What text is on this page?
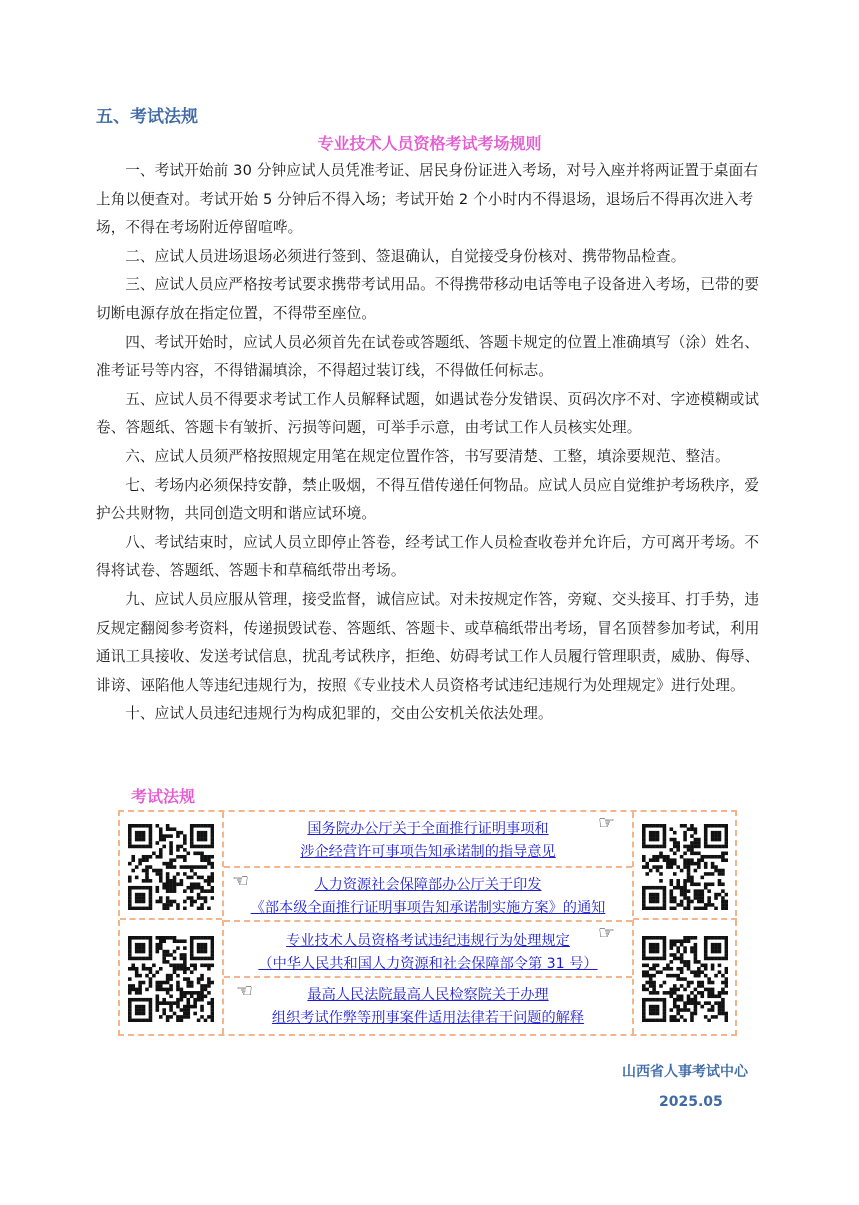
五、考试法规
专业技术人员资格考试考场规则

一、考试开始前 30 分钟应试人员凭准考证、居民身份证进入考场，对号入座并将两证置于桌面右上角以便查对。考试开始 5 分钟后不得入场；考试开始 2 个小时内不得退场，退场后不得再次进入考场，不得在考场附近停留喧哗。

二、应试人员进场退场必须进行签到、签退确认，自觉接受身份核对、携带物品检查。

三、应试人员应严格按考试要求携带考试用品。不得携带移动电话等电子设备进入考场，已带的要切断电源存放在指定位置，不得带至座位。

四、考试开始时，应试人员必须首先在试卷或答题纸、答题卡规定的位置上准确填写（涂）姓名、准考证号等内容，不得错漏填涂，不得超过装订线，不得做任何标志。

五、应试人员不得要求考试工作人员解释试题，如遇试卷分发错误、页码次序不对、字迹模糊或试卷、答题纸、答题卡有皱折、污损等问题，可举手示意，由考试工作人员核实处理。

六、应试人员须严格按照规定用笔在规定位置作答，书写要清楚、工整，填涂要规范、整洁。

七、考场内必须保持安静，禁止吸烟，不得互借传递任何物品。应试人员应自觉维护考场秩序，爱护公共财物，共同创造文明和谐应试环境。

八、考试结束时，应试人员立即停止答卷，经考试工作人员检查收卷并允许后，方可离开考场。不得将试卷、答题纸、答题卡和草稿纸带出考场。

九、应试人员应服从管理，接受监督，诚信应试。对未按规定作答，旁窥、交头接耳、打手势，违反规定翻阅参考资料，传递损毁试卷、答题纸、答题卡、或草稿纸带出考场，冒名顶替参加考试，利用通讯工具接收、发送考试信息，扰乱考试秩序，拒绝、妨碍考试工作人员履行管理职责，威胁、侮辱、诽谤、诬陷他人等违纪违规行为，按照《专业技术人员资格考试违纪违规行为处理规定》进行处理。

十、应试人员违纪违规行为构成犯罪的，交由公安机关依法处理。

考试法规
国务院办公厅关于全面推行证明事项和
涉企经营许可事项告知承诺制的指导意见
☞
☜	人力资源社会保障部办公厅关于印发
《部本级全面推行证明事项告知承诺制实施方案》的通知
专业技术人员资格考试违纪违规行为处理规定
（中华人民共和国人力资源和社会保障部令第 31 号）
☞
☜	最高人民法院最高人民检察院关于办理
组织考试作弊等刑事案件适用法律若干问题的解释
山西省人事考试中心
2025.05
